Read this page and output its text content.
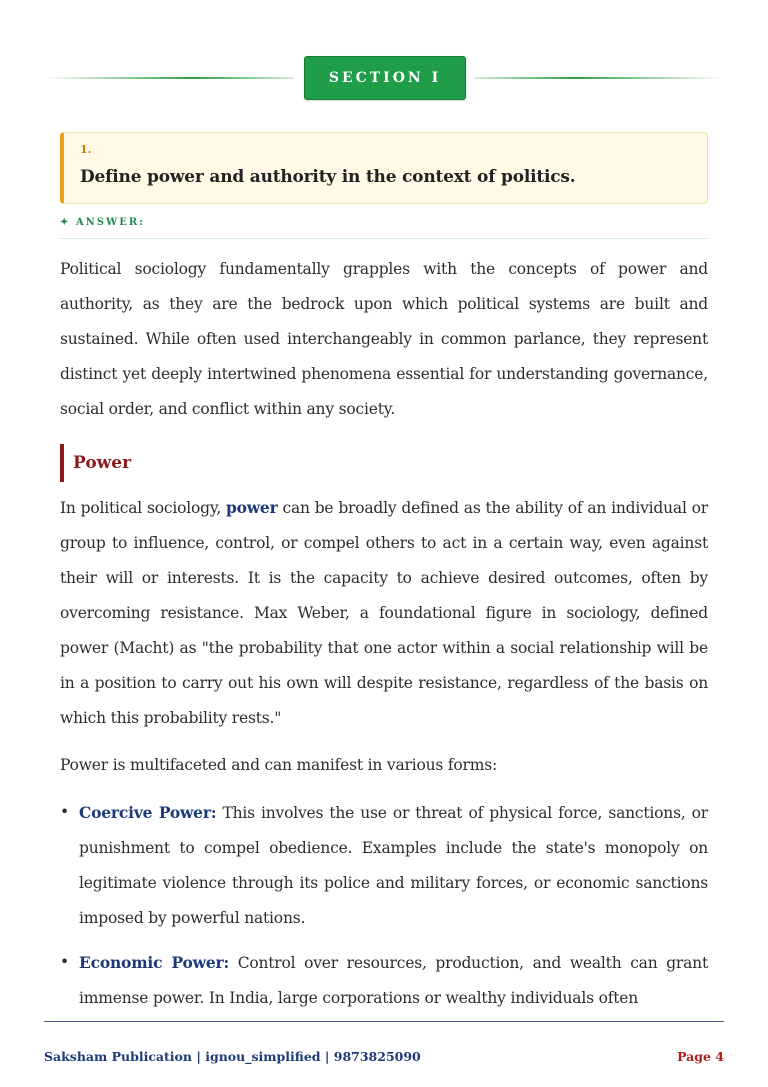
SECTION I
1.
Define power and authority in the context of politics.
✦ ANSWER:

Political sociology fundamentally grapples with the concepts of power and authority, as they are the bedrock upon which political systems are built and sustained. While often used interchangeably in common parlance, they represent distinct yet deeply intertwined phenomena essential for understanding governance, social order, and conflict within any society.

Power

In political sociology, power can be broadly defined as the ability of an individual or group to influence, control, or compel others to act in a certain way, even against their will or interests. It is the capacity to achieve desired outcomes, often by overcoming resistance. Max Weber, a foundational figure in sociology, defined power (Macht) as "the probability that one actor within a social relationship will be in a position to carry out his own will despite resistance, regardless of the basis on which this probability rests."

Power is multifaceted and can manifest in various forms:

• Coercive Power: This involves the use or threat of physical force, sanctions, or punishment to compel obedience. Examples include the state's monopoly on legitimate violence through its police and military forces, or economic sanctions imposed by powerful nations.
• Economic Power: Control over resources, production, and wealth can grant immense power. In India, large corporations or wealthy individuals often
Saksham Publication | ignou_simplified | 9873825090	Page 4
